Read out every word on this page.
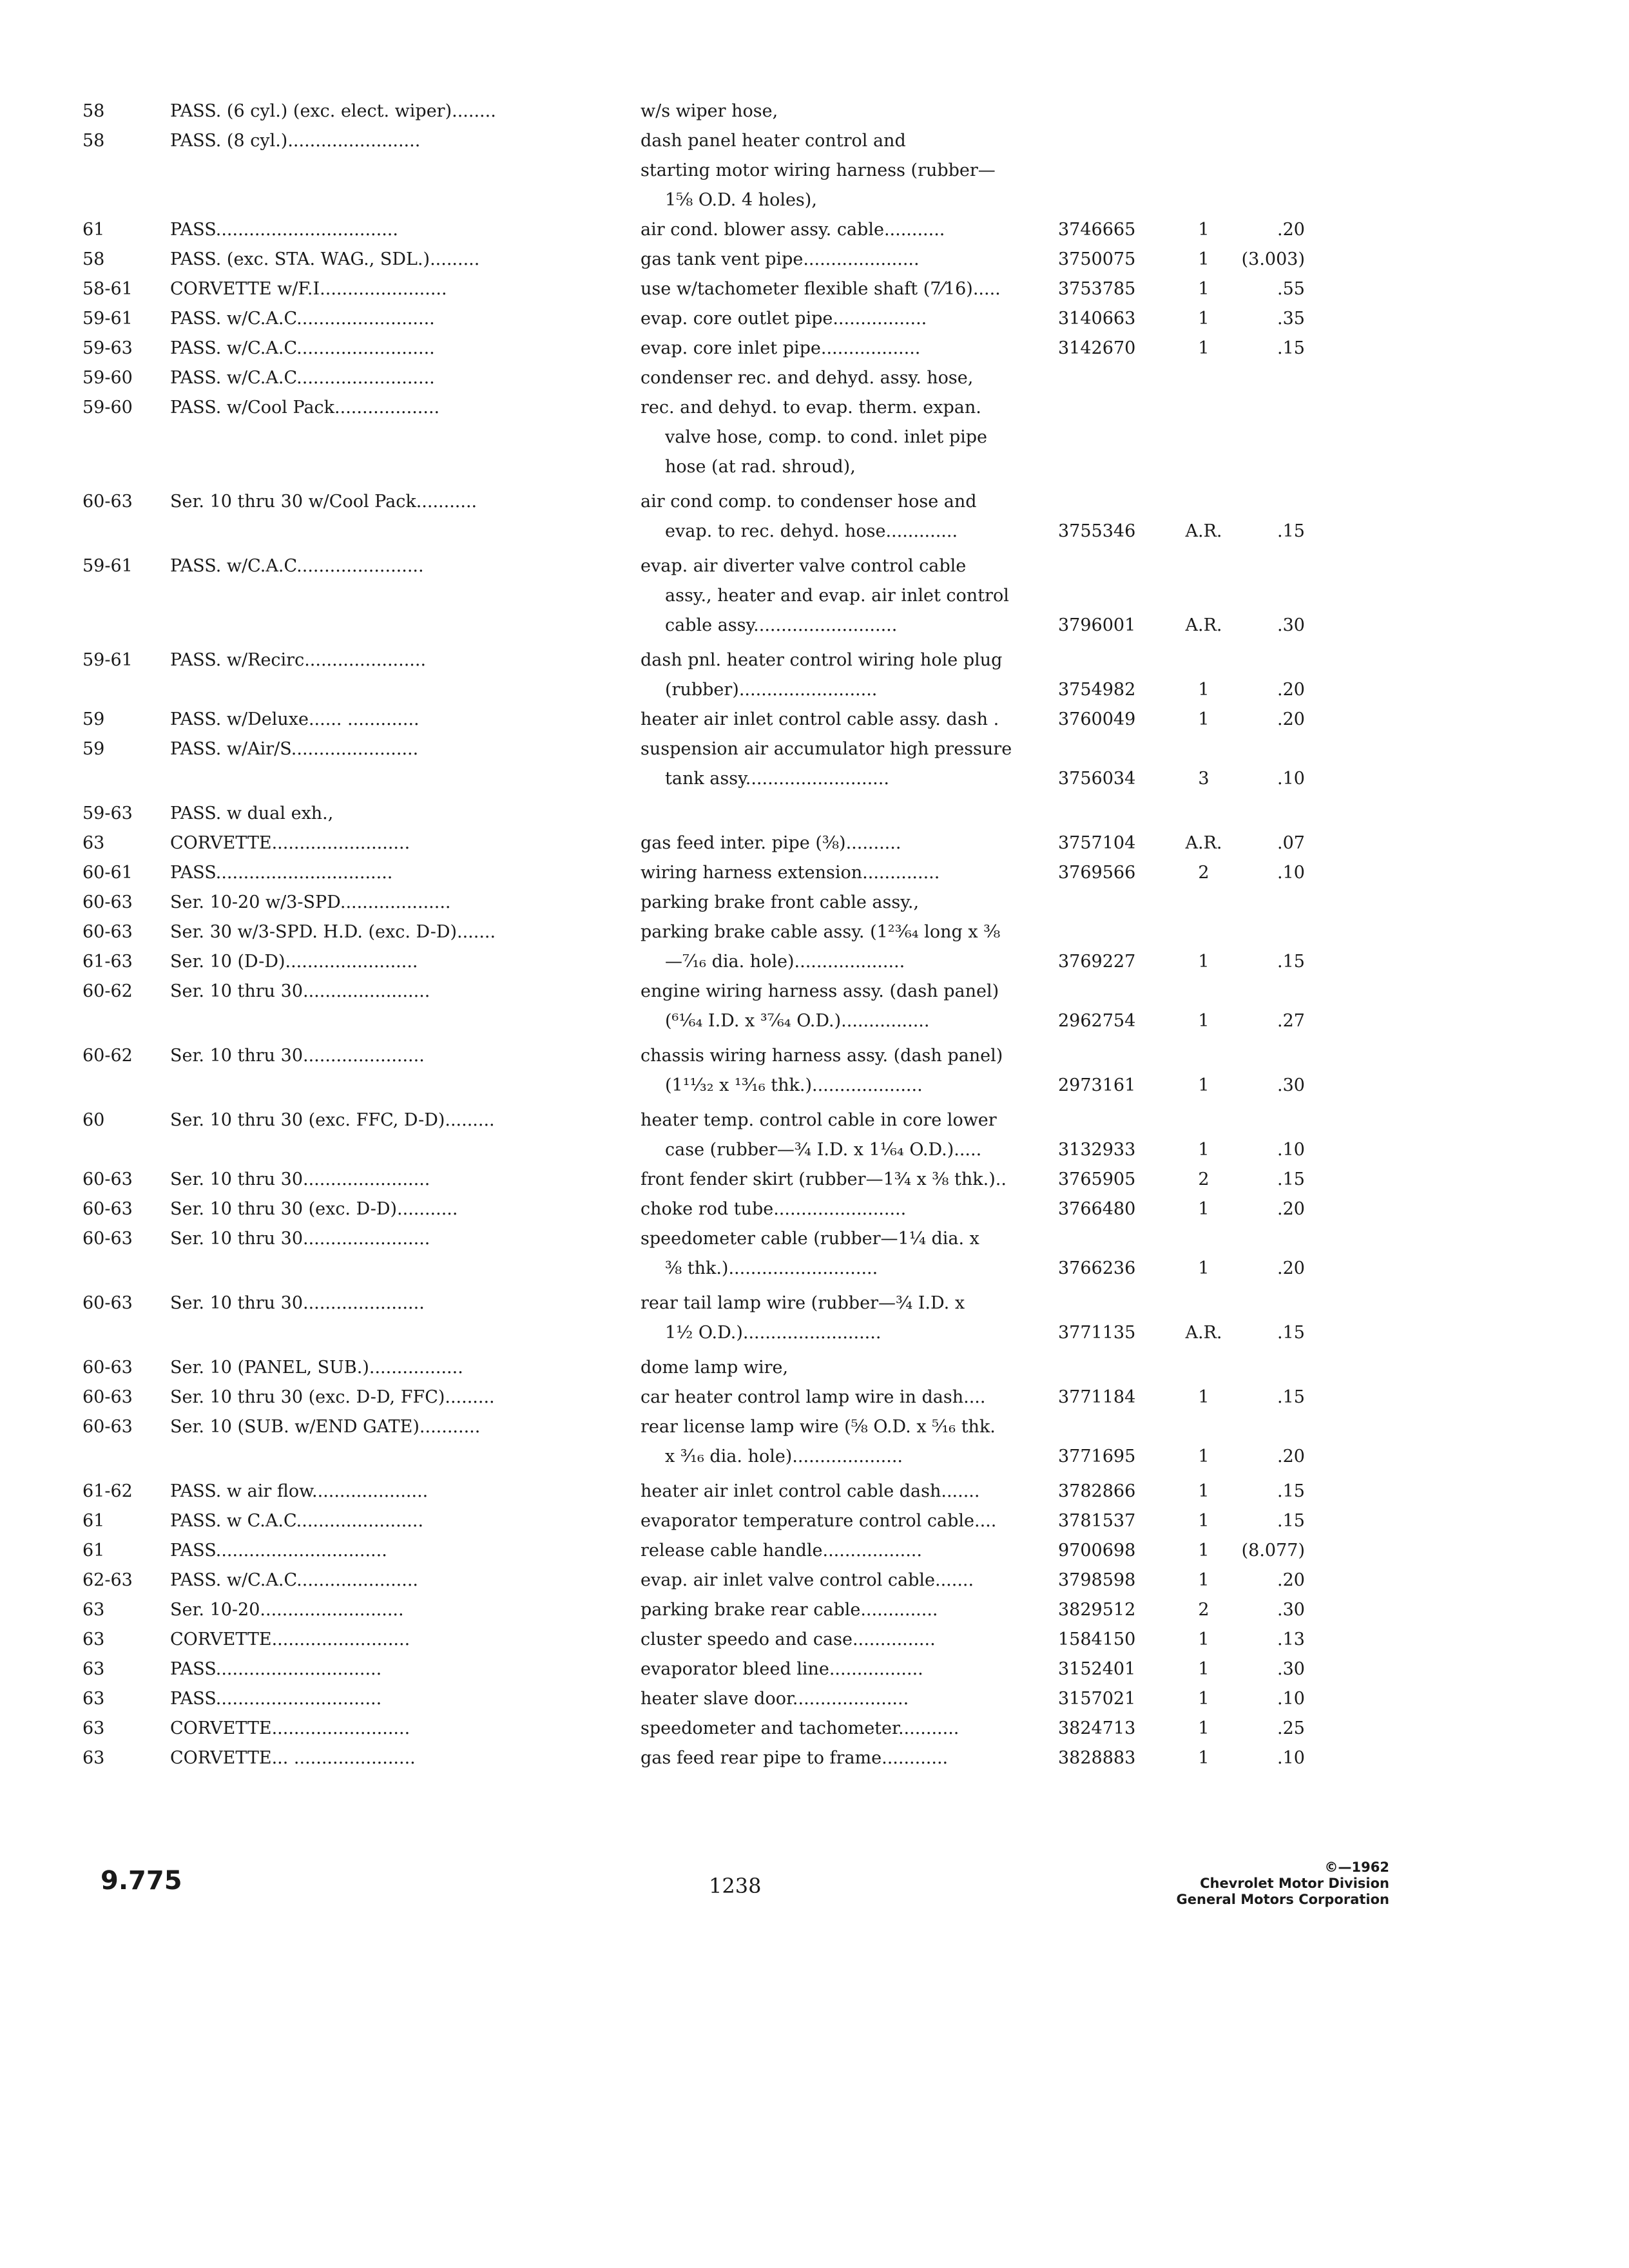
58	PASS. (6 cyl.) (exc. elect. wiper)........	w/s wiper hose,
58	PASS. (8 cyl.)........................	dash panel heater control and
starting motor wiring harness (rubber—
1⅝ O.D. 4 holes),
61	PASS.................................	air cond. blower assy. cable...........	3746665	1	.20
58	PASS. (exc. STA. WAG., SDL.).........	gas tank vent pipe.....................	3750075	1	(3.003)
58-61	CORVETTE w/F.I.......................	use w/tachometer flexible shaft (7⁄16).....	3753785	1	.55
59-61	PASS. w/C.A.C.........................	evap. core outlet pipe.................	3140663	1	.35
59-63	PASS. w/C.A.C.........................	evap. core inlet pipe..................	3142670	1	.15
59-60	PASS. w/C.A.C.........................	condenser rec. and dehyd. assy. hose,
59-60	PASS. w/Cool Pack...................	rec. and dehyd. to evap. therm. expan.
valve hose, comp. to cond. inlet pipe
hose (at rad. shroud),
60-63	Ser. 10 thru 30 w/Cool Pack...........	air cond comp. to condenser hose and
evap. to rec. dehyd. hose.............	3755346	A.R.	.15
59-61	PASS. w/C.A.C.......................	evap. air diverter valve control cable
assy., heater and evap. air inlet control
cable assy..........................	3796001	A.R.	.30
59-61	PASS. w/Recirc......................	dash pnl. heater control wiring hole plug
(rubber).........................	3754982	1	.20
59	PASS. w/Deluxe...... .............	heater air inlet control cable assy. dash .	3760049	1	.20
59	PASS. w/Air/S.......................	suspension air accumulator high pressure
tank assy..........................	3756034	3	.10
59-63	PASS. w dual exh.,
63	CORVETTE.........................	gas feed inter. pipe (⅜)..........	3757104	A.R.	.07
60-61	PASS................................	wiring harness extension..............	3769566	2	.10
60-63	Ser. 10-20 w/3-SPD....................	parking brake front cable assy.,
60-63	Ser. 30 w/3-SPD. H.D. (exc. D-D).......	parking brake cable assy. (1²³⁄₆₄ long x ³⁄₈
61-63	Ser. 10 (D-D)........................	—⁷⁄₁₆ dia. hole)....................	3769227	1	.15
60-62	Ser. 10 thru 30.......................	engine wiring harness assy. (dash panel)
(⁶¹⁄₆₄ I.D. x ³⁷⁄₆₄ O.D.)................	2962754	1	.27
60-62	Ser. 10 thru 30......................	chassis wiring harness assy. (dash panel)
(1¹¹⁄₃₂ x ¹³⁄₁₆ thk.)....................	2973161	1	.30
60	Ser. 10 thru 30 (exc. FFC, D-D).........	heater temp. control cable in core lower
case (rubber—¾ I.D. x 1¹⁄₆₄ O.D.).....	3132933	1	.10
60-63	Ser. 10 thru 30.......................	front fender skirt (rubber—1¾ x ⅜ thk.)..	3765905	2	.15
60-63	Ser. 10 thru 30 (exc. D-D)...........	choke rod tube........................	3766480	1	.20
60-63	Ser. 10 thru 30.......................	speedometer cable (rubber—1¼ dia. x
⅜ thk.)...........................	3766236	1	.20
60-63	Ser. 10 thru 30......................	rear tail lamp wire (rubber—¾ I.D. x
1½ O.D.).........................	3771135	A.R.	.15
60-63	Ser. 10 (PANEL, SUB.).................	dome lamp wire,
60-63	Ser. 10 thru 30 (exc. D-D, FFC).........	car heater control lamp wire in dash....	3771184	1	.15
60-63	Ser. 10 (SUB. w/END GATE)...........	rear license lamp wire (⅝ O.D. x ⁵⁄₁₆ thk.
x ³⁄₁₆ dia. hole)....................	3771695	1	.20
61-62	PASS. w air flow.....................	heater air inlet control cable dash.......	3782866	1	.15
61	PASS. w C.A.C.......................	evaporator temperature control cable....	3781537	1	.15
61	PASS...............................	release cable handle..................	9700698	1	(8.077)
62-63	PASS. w/C.A.C......................	evap. air inlet valve control cable.......	3798598	1	.20
63	Ser. 10-20..........................	parking brake rear cable..............	3829512	2	.30
63	CORVETTE.........................	cluster speedo and case...............	1584150	1	.13
63	PASS..............................	evaporator bleed line.................	3152401	1	.30
63	PASS..............................	heater slave door.....................	3157021	1	.10
63	CORVETTE.........................	speedometer and tachometer...........	3824713	1	.25
63	CORVETTE... ......................	gas feed rear pipe to frame............	3828883	1	.10
9.775	1238
©—1962
Chevrolet Motor Division
General Motors Corporation
